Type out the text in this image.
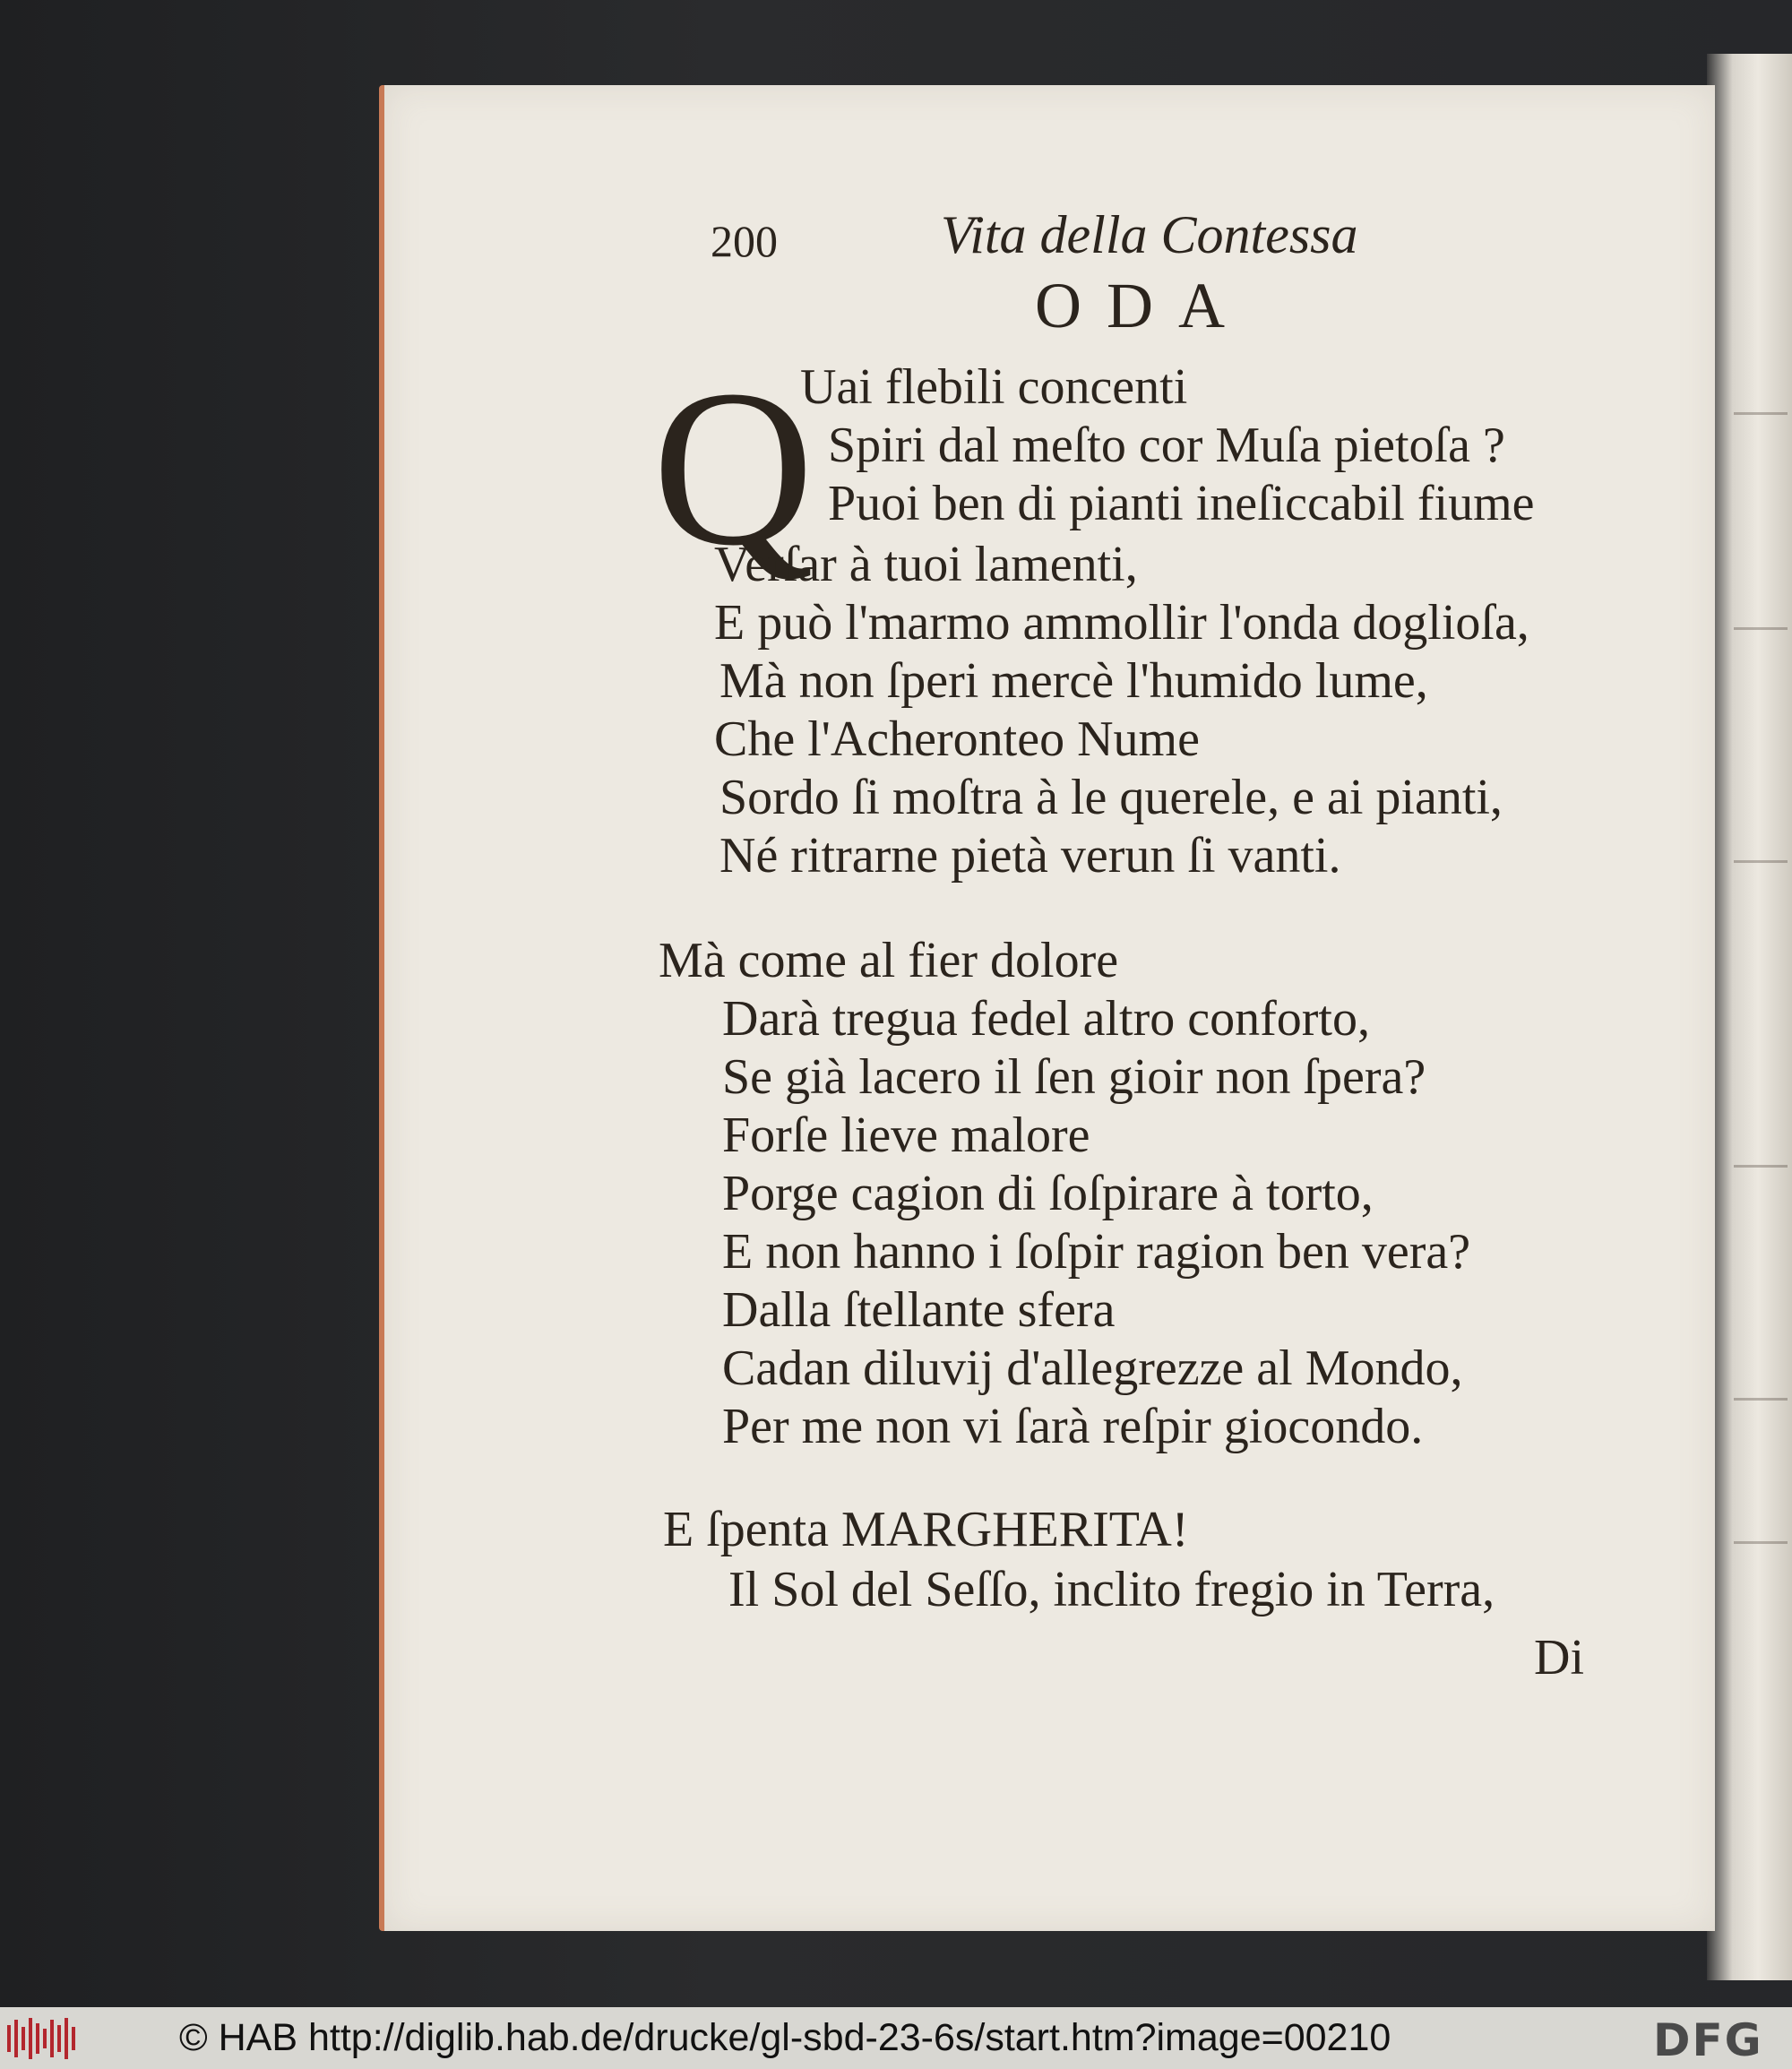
200	Vita della Contessa
ODA
Q
Uai flebili concenti
Spiri dal meſto cor Muſa pietoſa ?
Puoi ben di pianti ineſiccabil fiume
Verſar à tuoi lamenti,
E può l'marmo ammollir l'onda doglioſa,
Mà non ſperi mercè l'humido lume,
Che l'Acheronteo Nume
Sordo ſi moſtra à le querele, e ai pianti,
Né ritrarne pietà verun ſi vanti.
Mà come al fier dolore
Darà tregua fedel altro conforto,
Se già lacero il ſen gioir non ſpera?
Forſe lieve malore
Porge cagion di ſoſpirare à torto,
E non hanno i ſoſpir ragion ben vera?
Dalla ſtellante sfera
Cadan diluvij d'allegrezze al Mondo,
Per me non vi ſarà reſpir giocondo.
E ſpenta MARGHERITA!
Il Sol del Seſſo, inclito fregio in Terra,
Di
© HAB http://diglib.hab.de/drucke/gl-sbd-23-6s/start.htm?image=00210	DFG
